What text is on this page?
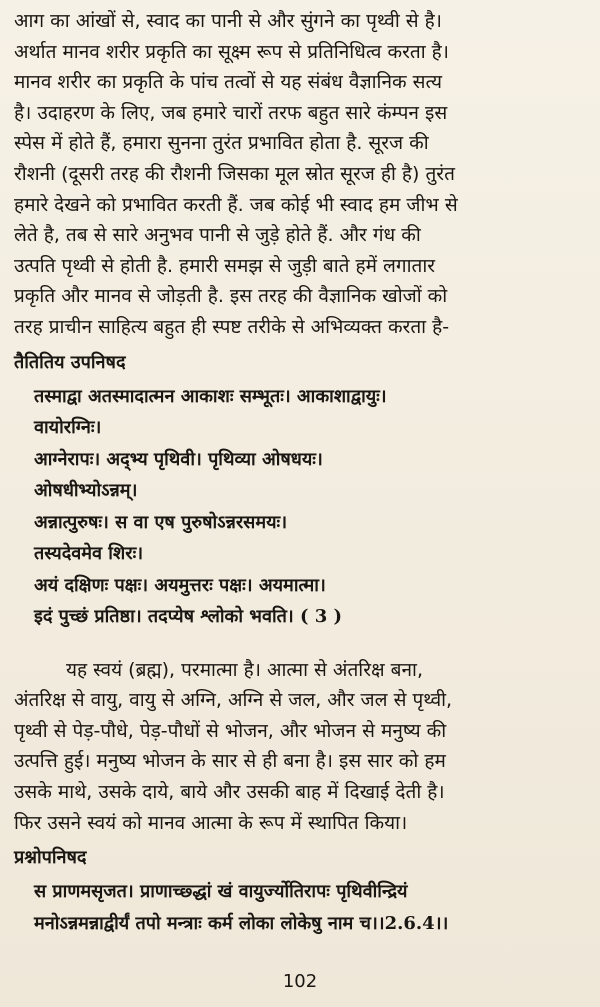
आग का आंखों से, स्वाद का पानी से और सुंगने का पृथ्वी से है।

अर्थात मानव शरीर प्रकृति का सूक्ष्म रूप से प्रतिनिधित्व करता है।

मानव शरीर का प्रकृति के पांच तत्वों से यह संबंध वैज्ञानिक सत्य

है। उदाहरण के लिए, जब हमारे चारों तरफ बहुत सारे कंम्पन इस

स्पेस में होते हैं, हमारा सुनना तुरंत प्रभावित होता है. सूरज की

रौशनी (दूसरी तरह की रौशनी जिसका मूल स्रोत सूरज ही है) तुरंत

हमारे देखने को प्रभावित करती हैं. जब कोई भी स्वाद हम जीभ से

लेते है, तब से सारे अनुभव पानी से जुड़े होते हैं. और गंध की

उत्पति पृथ्वी से होती है. हमारी समझ से जुड़ी बाते हमें लगातार

प्रकृति और मानव से जोड़ती है. इस तरह की वैज्ञानिक खोजों को

तरह प्राचीन साहित्य बहुत ही स्पष्ट तरीके से अभिव्यक्त करता है-

तैतितिय उपनिषद

तस्माद्वा अतस्मादात्मन आकाशः सम्भूतः। आकाशाद्वायुः।

वायोरग्निः।

आग्नेरापः। अद्भ्य पृथिवी। पृथिव्या ओषधयः।

ओषधीभ्योऽन्नम्।

अन्नात्पुरुषः। स वा एष पुरुषोऽन्नरसमयः।

तस्यदेवमेव शिरः।

अयं दक्षिणः पक्षः। अयमुत्तरः पक्षः। अयमात्मा।

इदं पुच्छं प्रतिष्ठा। तदप्येष श्लोको भवति। ( 3 )

यह स्वयं (ब्रह्म), परमात्मा है। आत्मा से अंतरिक्ष बना,

अंतरिक्ष से वायु, वायु से अग्नि, अग्नि से जल, और जल से पृथ्वी,

पृथ्वी से पेड़-पौधे, पेड़-पौधों से भोजन, और भोजन से मनुष्य की

उत्पत्ति हुई। मनुष्य भोजन के सार से ही बना है। इस सार को हम

उसके माथे, उसके दाये, बाये और उसकी बाह में दिखाई देती है।

फिर उसने स्वयं को मानव आत्मा के रूप में स्थापित किया।

प्रश्नोपनिषद

स प्राणमसृजत। प्राणाच्छ्द्धां खं वायुर्ज्योतिरापः पृथिवीन्द्रियं

मनोऽन्नमन्नाद्वीर्यं तपो मन्त्राः कर्म लोका लोकेषु नाम च।।2.6.4।।

102
